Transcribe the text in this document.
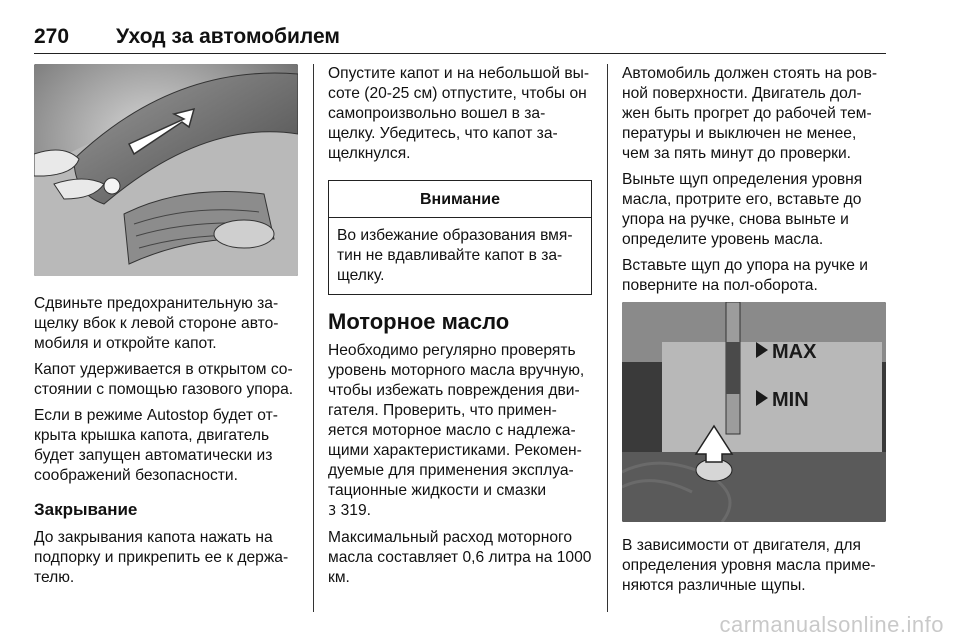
270 Уход за автомобилем

Сдвиньте предохранительную за-щелку вбок к левой стороне авто-мобиля и откройте капот.

Капот удерживается в открытом со-стоянии с помощью газового упора.

Если в режиме Autostop будет от-крыта крышка капота, двигатель будет запущен автоматически из соображений безопасности.

Закрывание

До закрывания капота нажать на подпорку и прикрепить ее к держа-телю.

Опустите капот и на небольшой вы-соте (20-25 см) отпустите, чтобы он самопроизвольно вошел в за-щелку. Убедитесь, что капот за-щелкнулся.

Внимание
Во избежание образования вмя-тин не вдавливайте капот в за-щелку.
Моторное масло

Необходимо регулярно проверять уровень моторного масла вручную, чтобы избежать повреждения дви-гателя. Проверить, что примен-яется моторное масло с надлежа-щими характеристиками. Рекомен-дуемые для применения эксплуа-тационные жидкости и смазки
3 319.

Максимальный расход моторного масла составляет 0,6 литра на 1000 км.

Автомобиль должен стоять на ров-ной поверхности. Двигатель дол-жен быть прогрет до рабочей тем-пературы и выключен не менее, чем за пять минут до проверки.

Выньте щуп определения уровня масла, протрите его, вставьте до упора на ручке, снова выньте и определите уровень масла.

Вставьте щуп до упора на ручке и поверните на пол-оборота.

MAX
MIN

В зависимости от двигателя, для определения уровня масла приме-няются различные щупы.

carmanualsonline.info
